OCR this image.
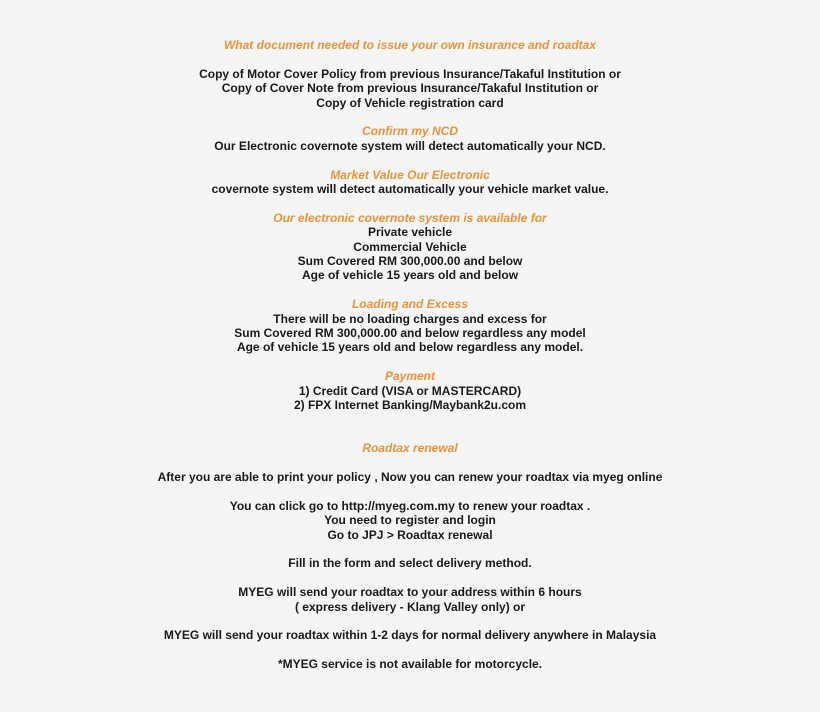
What document needed to issue your own insurance and roadtax

Copy of Motor Cover Policy from previous Insurance/Takaful Institution or

Copy of Cover Note from previous Insurance/Takaful Institution or

Copy of Vehicle registration card

Confirm my NCD

Our Electronic covernote system will detect automatically your NCD.

Market Value Our Electronic

covernote system will detect automatically your vehicle market value.

Our electronic covernote system is available for

Private vehicle

Commercial Vehicle

Sum Covered RM 300,000.00 and below

Age of vehicle 15 years old and below

Loading and Excess

There will be no loading charges and excess for

Sum Covered RM 300,000.00 and below regardless any model

Age of vehicle 15 years old and below regardless any model.

Payment

1) Credit Card (VISA or MASTERCARD)

2) FPX Internet Banking/Maybank2u.com

Roadtax renewal

After you are able to print your policy , Now you can renew your roadtax via myeg online

You can click go to http://myeg.com.my to renew your roadtax .

You need to register and login

Go to JPJ > Roadtax renewal

Fill in the form and select delivery method.

MYEG will send your roadtax to your address within 6 hours

( express delivery - Klang Valley only) or

MYEG will send your roadtax within 1-2 days for normal delivery anywhere in Malaysia

*MYEG service is not available for motorcycle.
